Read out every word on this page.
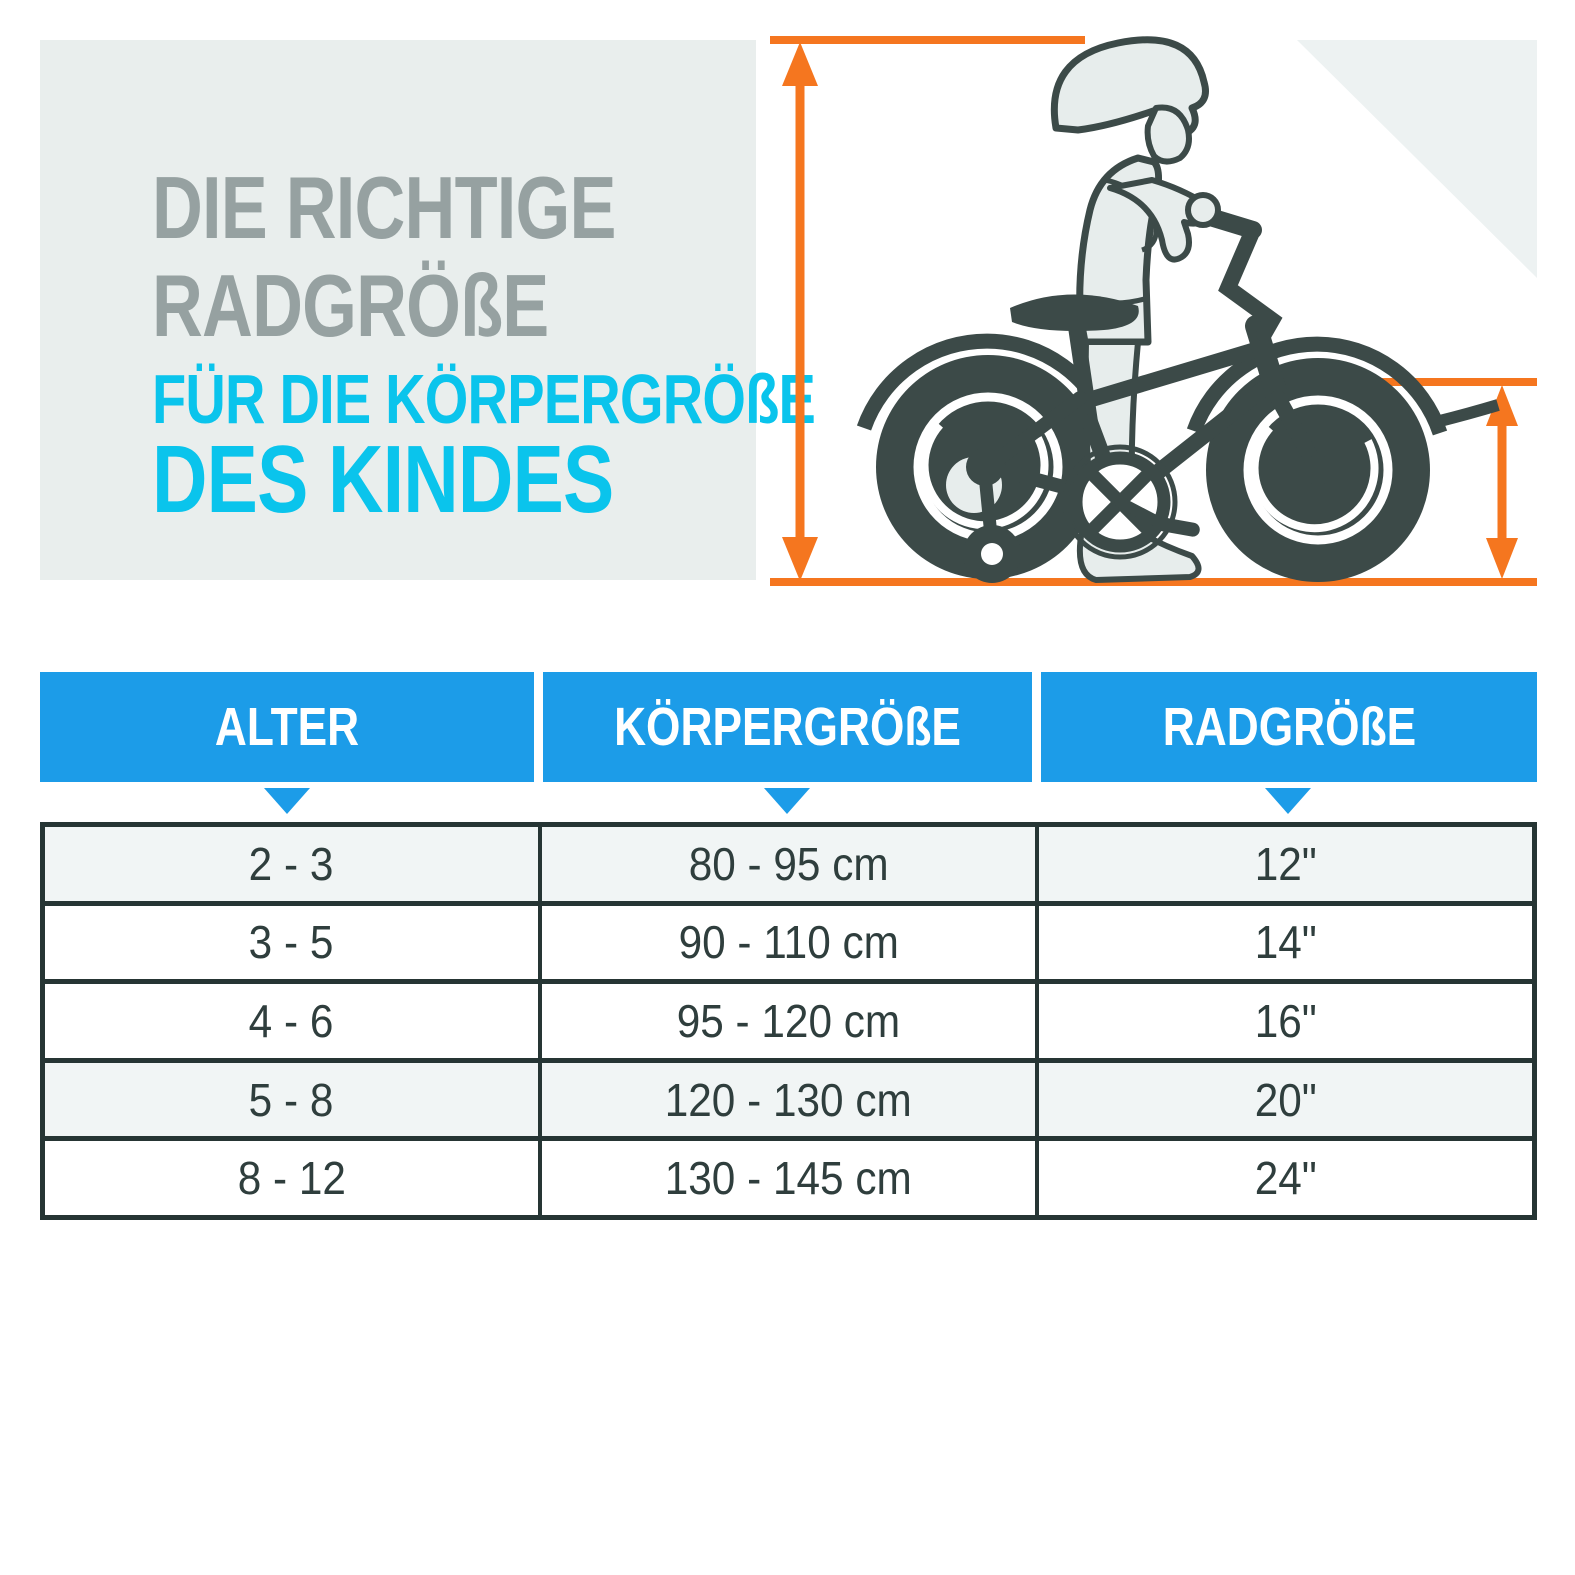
DIE RICHTIGE
RADGRÖßE
FÜR DIE KÖRPERGRÖßE
DES KINDES
ALTER	KÖRPERGRÖßE	RADGRÖßE
2 - 3	80 - 95 cm	12"
3 - 5	90 - 110 cm	14"
4 - 6	95 - 120 cm	16"
5 - 8	120 - 130 cm	20"
8 - 12	130 - 145 cm	24"
